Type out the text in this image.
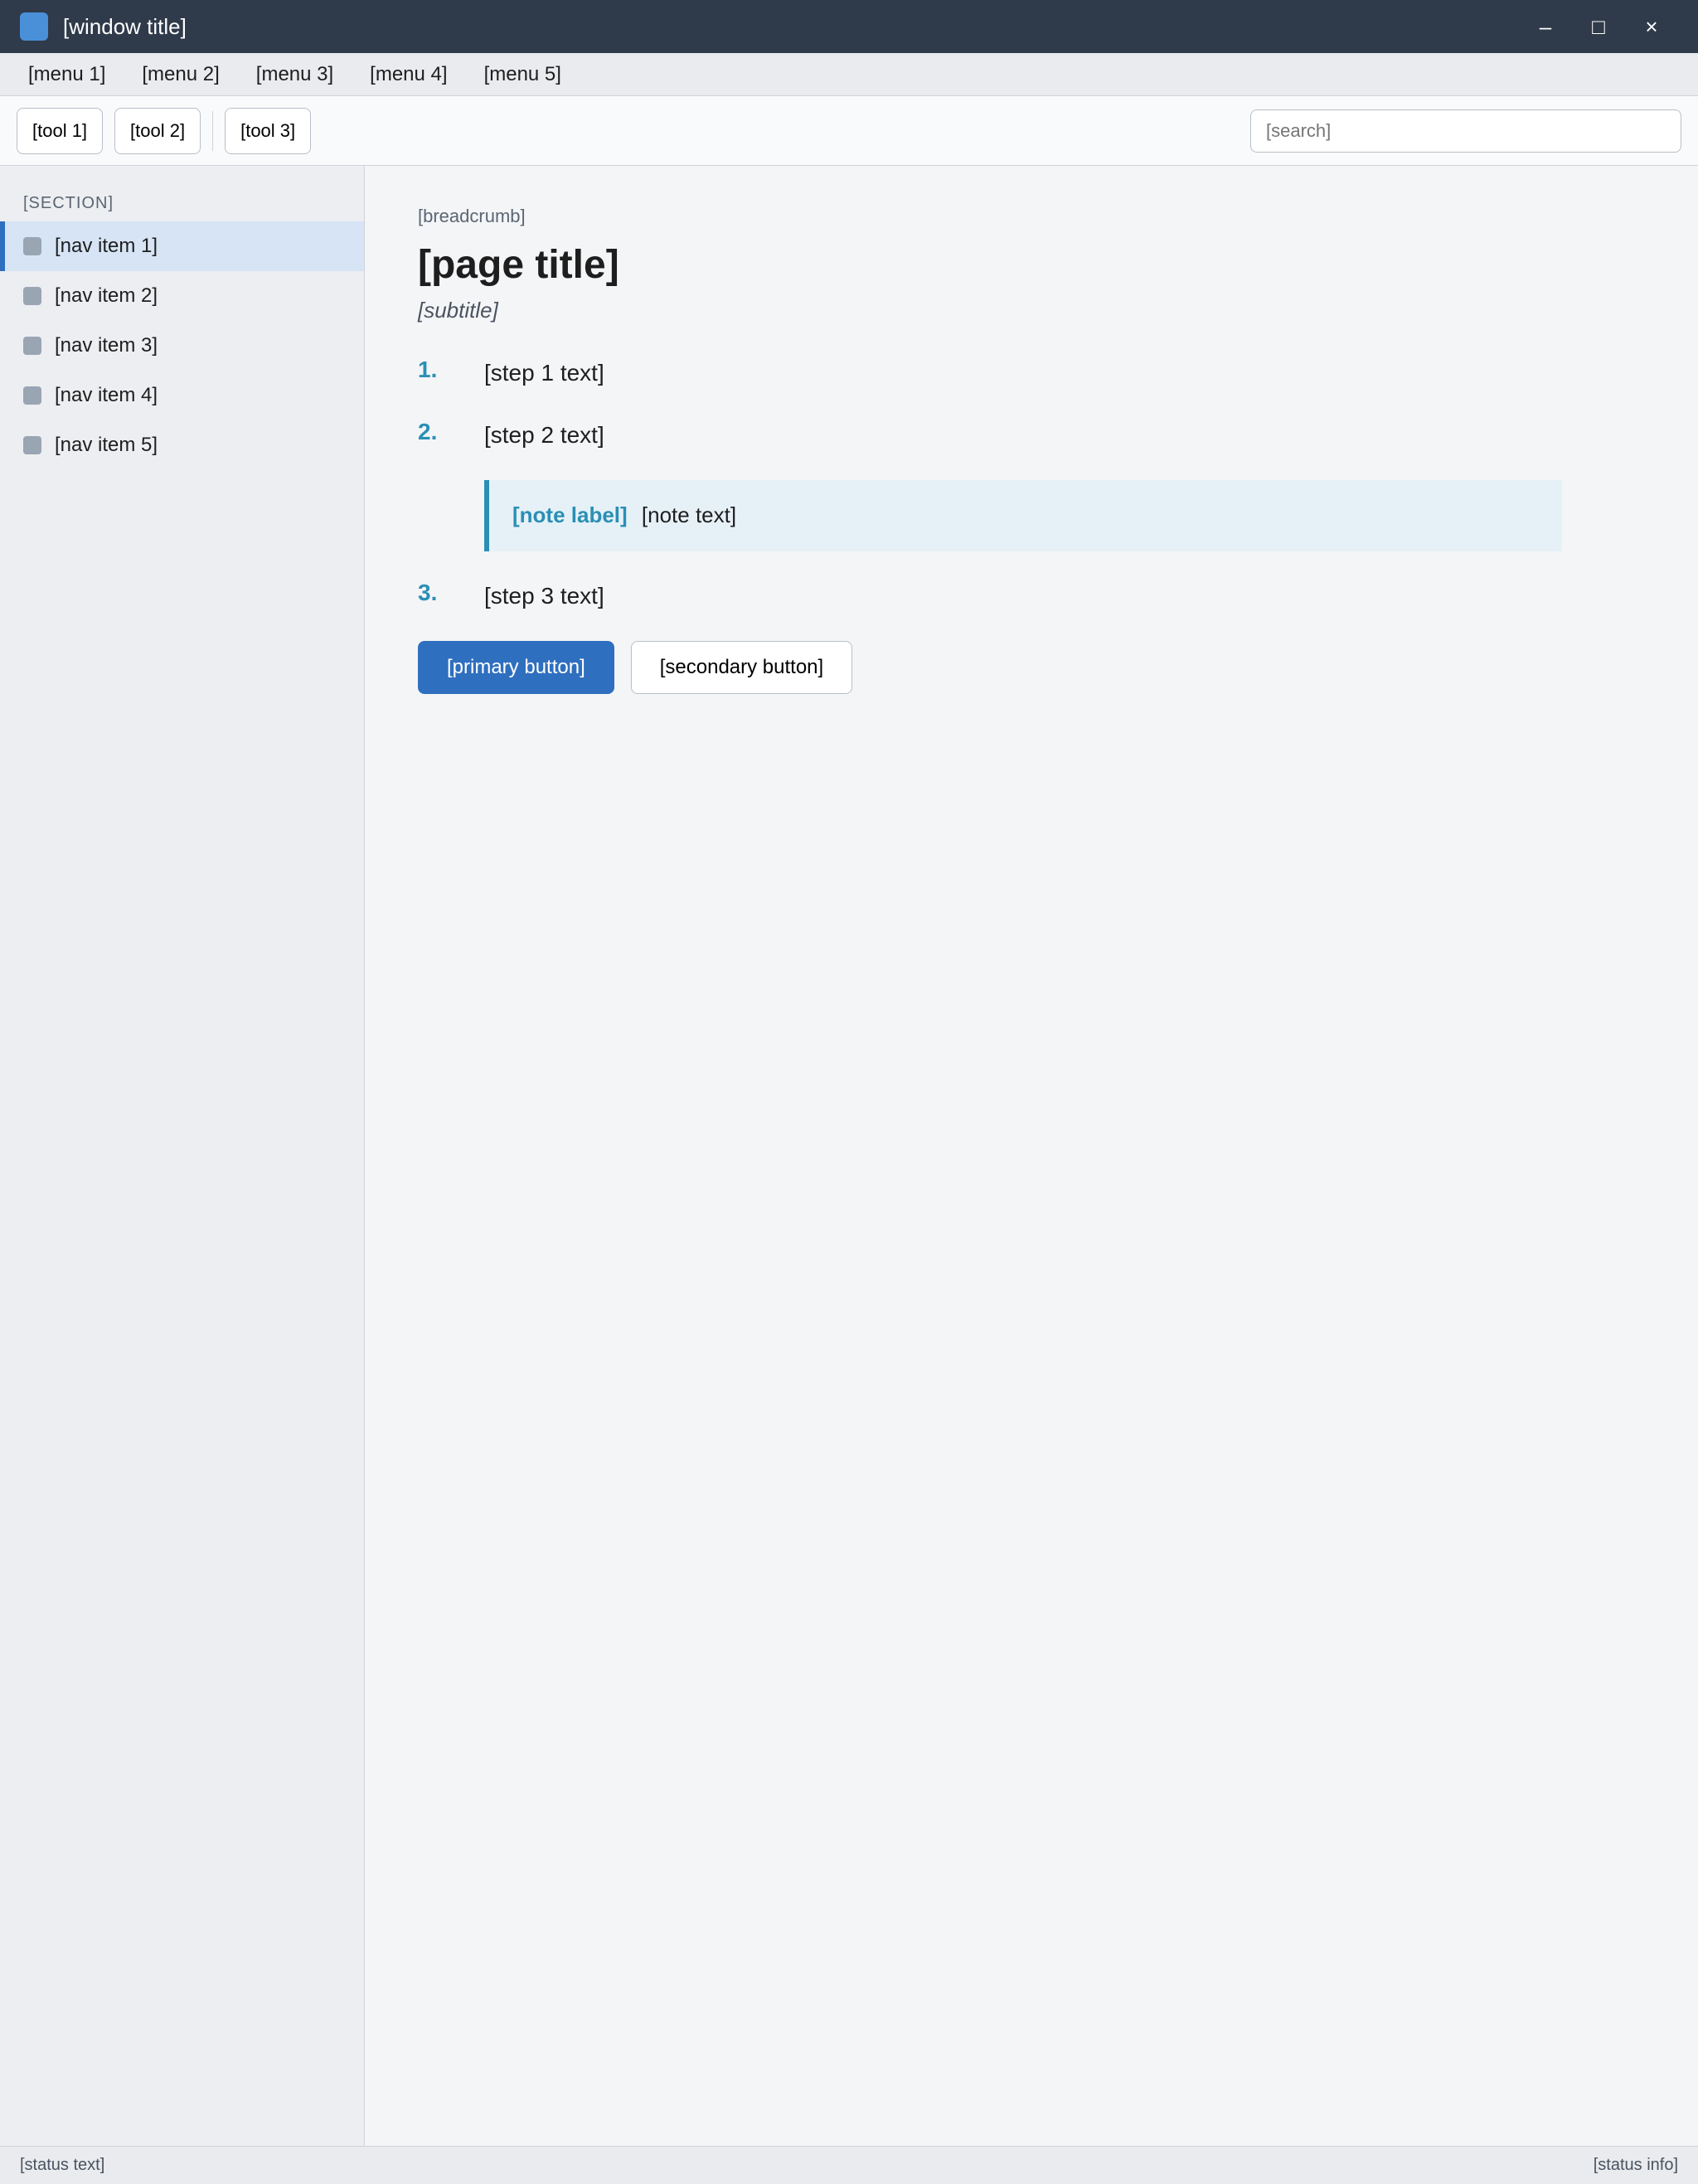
[window title]	–	□	×
[menu 1]	[menu 2]	[menu 3]	[menu 4]	[menu 5]
[tool 1]	[tool 2]	[tool 3]
[search]
[SECTION]
[nav item 1]
[nav item 2]
[nav item 3]
[nav item 4]
[nav item 5]
[breadcrumb]
[page title]
[subtitle]
1.	[step 1 text]
2.	[step 2 text]
[note label] [note text]
3.	[step 3 text]
[primary button]	[secondary button]
[status text]	[status info]
